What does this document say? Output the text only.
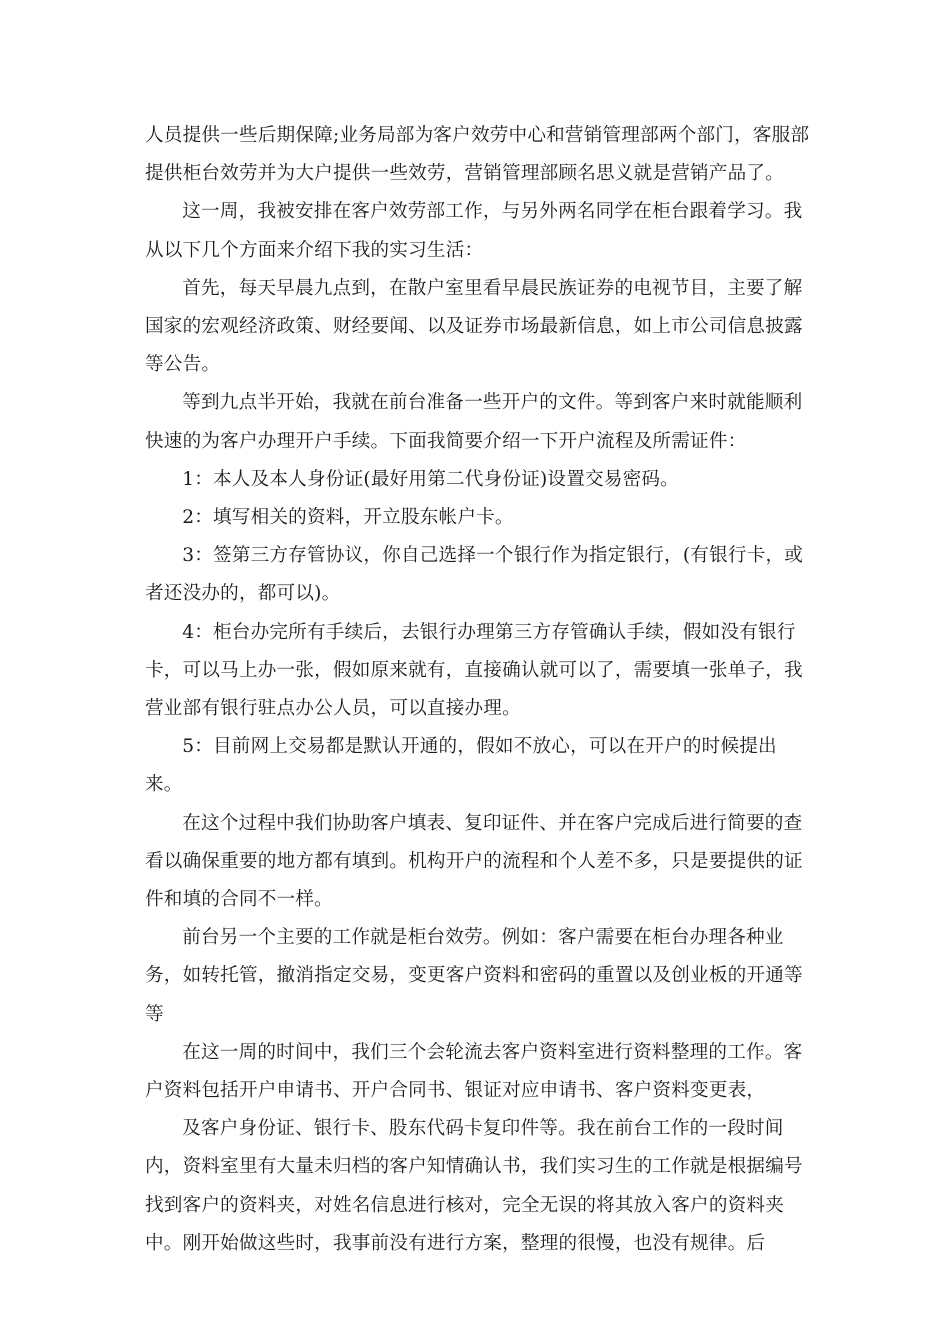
人员提供一些后期保障;业务局部为客户效劳中心和营销管理部两个部门，客服部提供柜台效劳并为大户提供一些效劳，营销管理部顾名思义就是营销产品了。

这一周，我被安排在客户效劳部工作，与另外两名同学在柜台跟着学习。我从以下几个方面来介绍下我的实习生活：

首先，每天早晨九点到，在散户室里看早晨民族证券的电视节目，主要了解国家的宏观经济政策、财经要闻、以及证券市场最新信息，如上市公司信息披露等公告。

等到九点半开始，我就在前台准备一些开户的文件。等到客户来时就能顺利快速的为客户办理开户手续。下面我简要介绍一下开户流程及所需证件：

1：本人及本人身份证(最好用第二代身份证)设置交易密码。

2：填写相关的资料，开立股东帐户卡。

3：签第三方存管协议，你自己选择一个银行作为指定银行，(有银行卡，或者还没办的，都可以)。

4：柜台办完所有手续后，去银行办理第三方存管确认手续，假如没有银行卡，可以马上办一张，假如原来就有，直接确认就可以了，需要填一张单子，我营业部有银行驻点办公人员，可以直接办理。

5：目前网上交易都是默认开通的，假如不放心，可以在开户的时候提出来。

在这个过程中我们协助客户填表、复印证件、并在客户完成后进行简要的查看以确保重要的地方都有填到。机构开户的流程和个人差不多，只是要提供的证件和填的合同不一样。

前台另一个主要的工作就是柜台效劳。例如：客户需要在柜台办理各种业务，如转托管，撤消指定交易，变更客户资料和密码的重置以及创业板的开通等等

在这一周的时间中，我们三个会轮流去客户资料室进行资料整理的工作。客户资料包括开户申请书、开户合同书、银证对应申请书、客户资料变更表，

及客户身份证、银行卡、股东代码卡复印件等。我在前台工作的一段时间内，资料室里有大量未归档的客户知情确认书，我们实习生的工作就是根据编号找到客户的资料夹，对姓名信息进行核对，完全无误的将其放入客户的资料夹中。刚开始做这些时，我事前没有进行方案，整理的很慢，也没有规律。后
